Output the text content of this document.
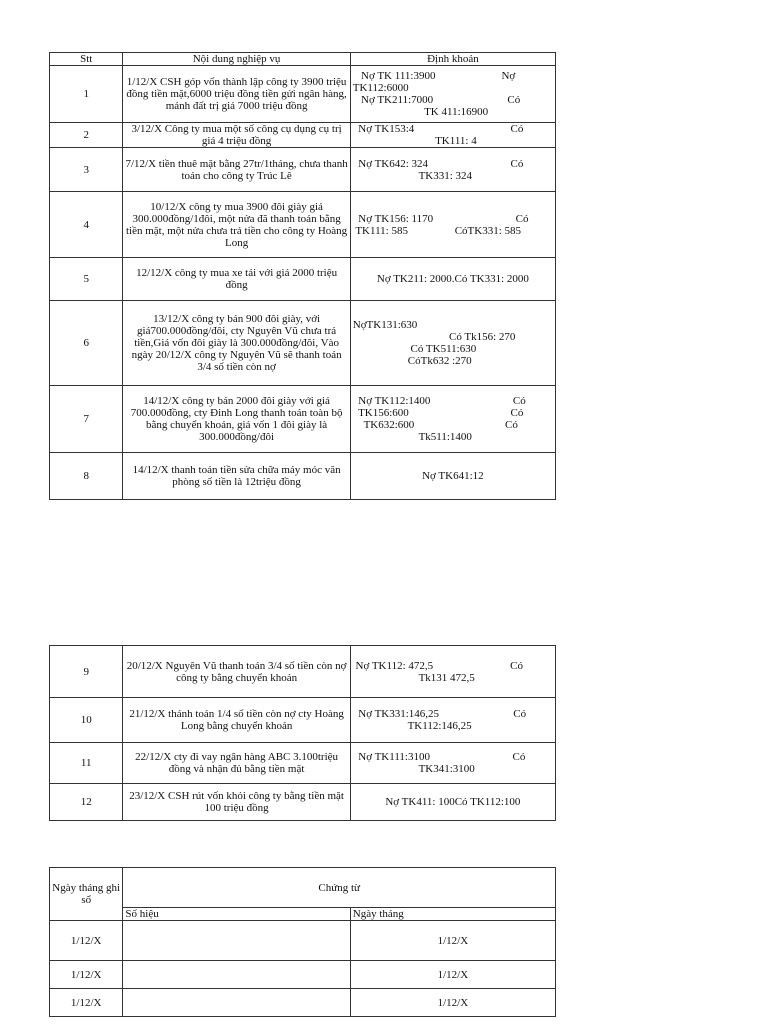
Stt	Nội dung nghiệp vụ	Định khoản
1	1/12/X CSH góp vốn thành lập công ty 3900 triệu đồng tiền mặt,6000 triệu đồng tiền gửi ngân hàng, mảnh đất trị giá 7000 triệu đồng	Nợ TK 111:3900                        Nợ
TK112:6000
Nợ TK211:7000                           Có
TK 411:16900
2	3/12/X Công ty mua một số công cụ dụng cụ trị giá 4 triệu đồng	Nợ TK153:4                                   Có
TK111: 4
3	7/12/X tiền thuê mặt bằng 27tr/1tháng, chưa thanh toán cho công ty Trúc Lê	Nợ TK642: 324                              Có
TK331: 324
4	10/12/X công ty mua 3900 đôi giày giá 300.000đồng/1đôi, một nửa đã thanh toán bằng tiền mặt, một nửa chưa trả tiền cho công ty Hoàng Long	Nợ TK156: 1170                              Có
TK111: 585                 CóTK331: 585
5	12/12/X công ty mua xe tải với giá 2000 triệu đồng	Nợ TK211: 2000.Có TK331: 2000
6	13/12/X công ty bán 900 đôi giày, với giá700.000đồng/đôi, cty Nguyên Vũ chưa trả tiền,Giá vốn đôi giày là 300.000đồng/đôi, Vào ngày 20/12/X công ty Nguyên Vũ sẽ thanh toán 3/4 số tiền còn nợ	NợTK131:630
Có Tk156: 270
Có TK511:630
CóTk632 :270
7	14/12/X công ty bán 2000 đôi giày với giá 700.000đồng, cty Đinh Long thanh toán toàn bộ bằng chuyển khoản, giá vốn 1 đôi giày là 300.000đồng/đôi	Nợ TK112:1400                              Có
TK156:600                                     Có
TK632:600                                 Có
Tk511:1400
8	14/12/X thanh toán tiền sửa chữa máy móc văn phòng số tiền là 12triệu đồng	Nợ TK641:12
9	20/12/X Nguyên Vũ thanh toán 3/4 số tiền còn nợ công ty bằng chuyển khoản	Nợ TK112: 472,5                            Có
Tk131 472,5
10	21/12/X thánh toán 1/4 số tiền còn nợ cty Hoàng Long bằng chuyển khoản	Nợ TK331:146,25                           Có
TK112:146,25
11	22/12/X cty đi vay ngân hàng ABC 3.100triệu đồng và nhận đủ bằng tiền mặt	Nợ TK111:3100                              Có
TK341:3100
12	23/12/X CSH rút vốn khỏi công ty bằng tiền mặt 100 triệu đồng	Nợ TK411: 100Có TK112:100
Ngày tháng ghi sổ	Chứng từ	
	Số hiệu	Ngày tháng
1/12/X		1/12/X
1/12/X		1/12/X
1/12/X		1/12/X
